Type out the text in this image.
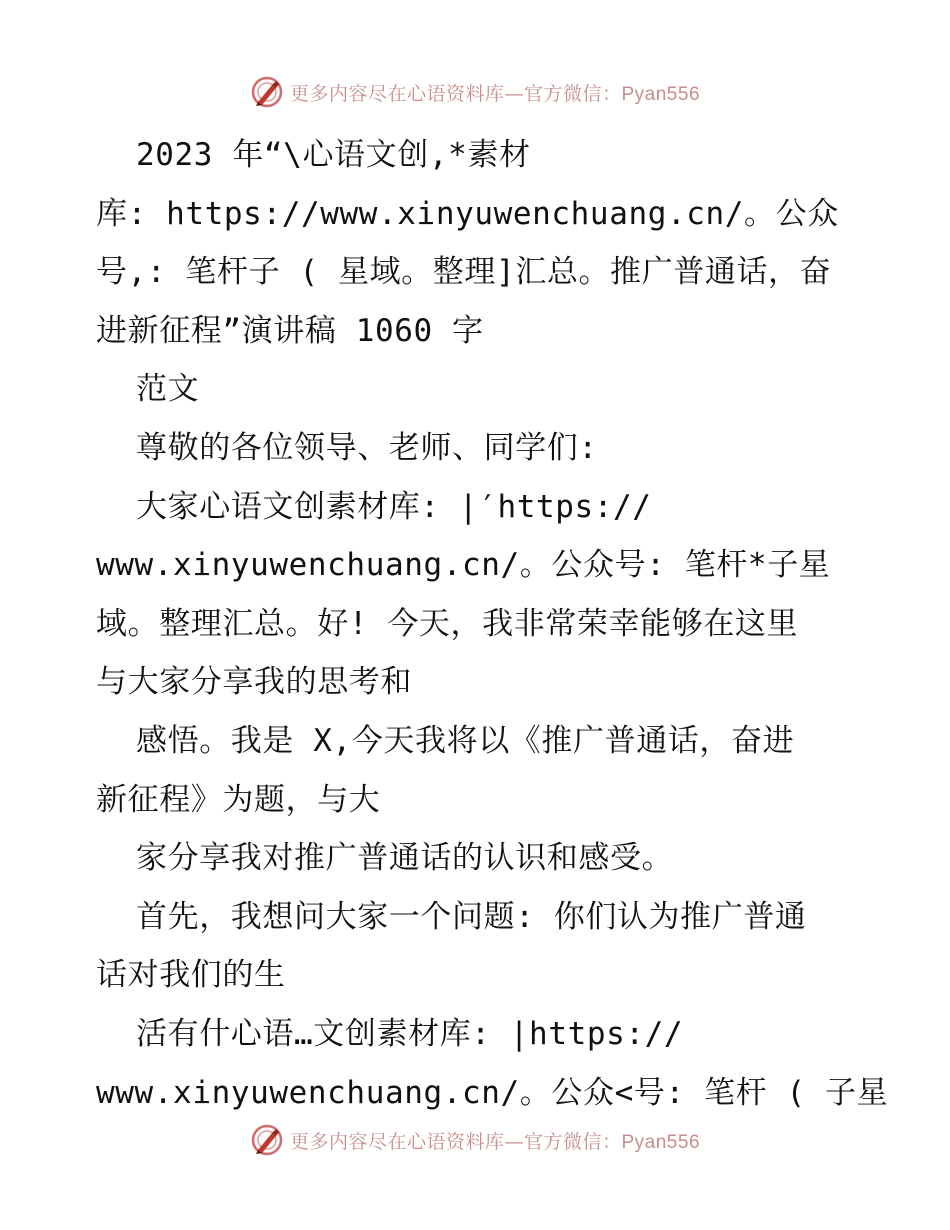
更多内容尽在心语资料库—官方微信：Pyan556
2023 年“\心语文创,*素材
库: https://www.xinyuwenchuang.cn/。公众
号,: 笔杆子 ( 星域。整理]汇总。推广普通话，奋
进新征程”演讲稿 1060 字
范文
尊敬的各位领导、老师、同学们:
大家心语文创素材库: |′https://
www.xinyuwenchuang.cn/。公众号: 笔杆*子星
域。整理汇总。好! 今天，我非常荣幸能够在这里
与大家分享我的思考和
感悟。我是 X,今天我将以《推广普通话，奋进
新征程》为题，与大
家分享我对推广普通话的认识和感受。
首先，我想问大家一个问题: 你们认为推广普通
话对我们的生
活有什心语…文创素材库: |https://
www.xinyuwenchuang.cn/。公众<号: 笔杆 ( 子星
更多内容尽在心语资料库—官方微信：Pyan556
